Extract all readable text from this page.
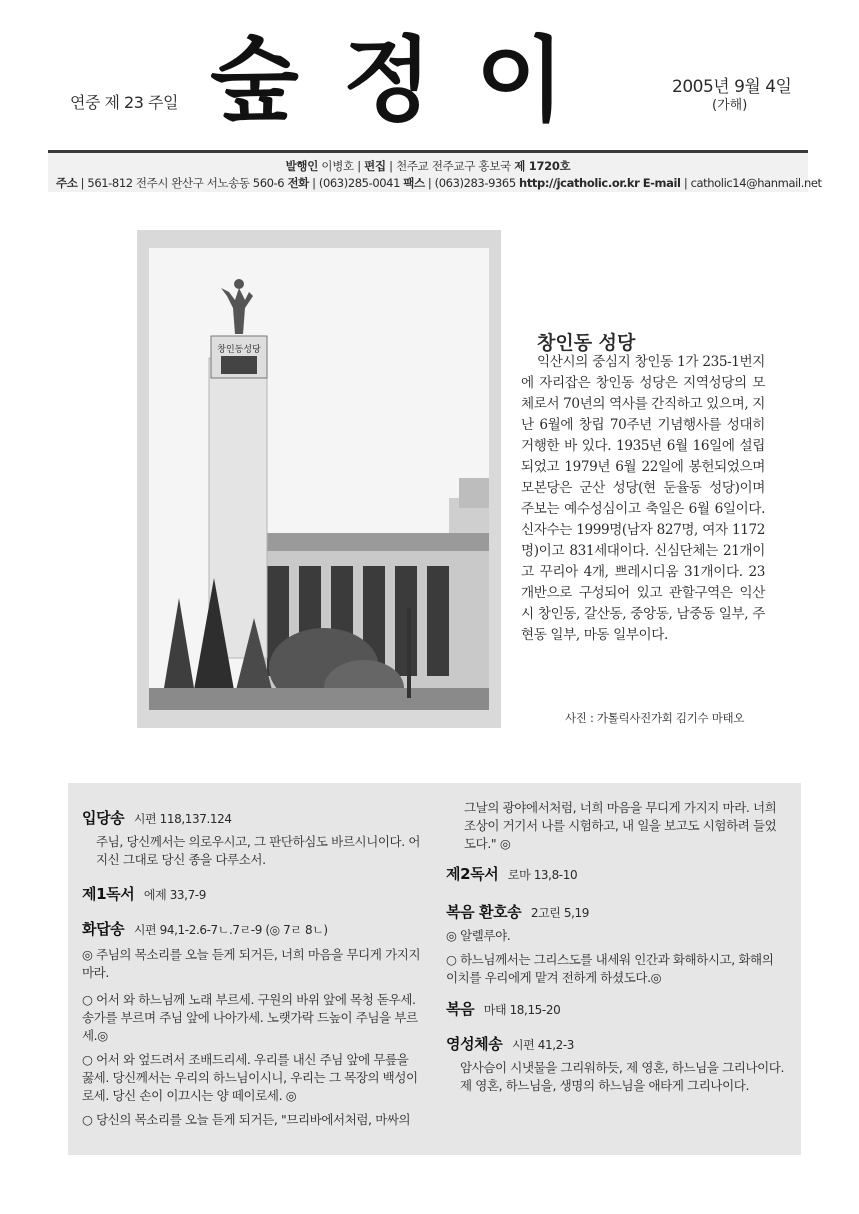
연중 제 23 주일 숲정이	2005년 9월 4일
(가해)
발행인 이병호 | 편집 | 천주교 전주교구 홍보국 제 1720호
주소 | 561-812 전주시 완산구 서노송동 560-6 전화 | (063)285-0041 팩스 | (063)283-9365 http://jcatholic.or.kr E-mail | catholic14@hanmail.net
창인동성당	창인동 성당
익산시의 중심지 창인동 1가 235-1번지에 자리잡은 창인동 성당은 지역성당의 모체로서 70년의 역사를 간직하고 있으며, 지난 6월에 창립 70주년 기념행사를 성대히 거행한 바 있다. 1935년 6월 16일에 설립되었고 1979년 6월 22일에 봉헌되었으며 모본당은 군산 성당(현 둔율동 성당)이며 주보는 예수성심이고 축일은 6월 6일이다. 신자수는 1999명(남자 827명, 여자 1172명)이고 831세대이다. 신심단체는 21개이고 꾸리아 4개, 쁘레시디움 31개이다. 23개반으로 구성되어 있고 관할구역은 익산시 창인동, 갈산동, 중앙동, 남중동 일부, 주현동 일부, 마동 일부이다.
사진 : 가톨릭사진가회 김기수 마태오
입당송 시편 118,137.124
주님, 당신께서는 의로우시고, 그 판단하심도 바르시니이다. 어지신 그대로 당신 종을 다루소서.
제1독서 에제 33,7-9
화답송 시편 94,1-2.6-7ㄴ.7ㄹ-9 (◎ 7ㄹ 8ㄴ)
◎ 주님의 목소리를 오늘 듣게 되거든, 너희 마음을 무디게 가지지 마라.
○ 어서 와 하느님께 노래 부르세. 구원의 바위 앞에 목청 돋우세. 송가를 부르며 주님 앞에 나아가세. 노랫가락 드높이 주님을 부르세.◎
○ 어서 와 엎드려서 조배드리세. 우리를 내신 주님 앞에 무릎을 꿇세. 당신께서는 우리의 하느님이시니, 우리는 그 목장의 백성이로세. 당신 손이 이끄시는 양 떼이로세. ◎
○ 당신의 목소리를 오늘 듣게 되거든, "므리바에서처럼, 마싸의
그날의 광야에서처럼, 너희 마음을 무디게 가지지 마라. 너희 조상이 거기서 나를 시험하고, 내 일을 보고도 시험하려 들었도다." ◎
제2독서 로마 13,8-10
복음 환호송 2고린 5,19
◎ 알렐루야.
○ 하느님께서는 그리스도를 내세워 인간과 화해하시고, 화해의 이치를 우리에게 맡겨 전하게 하셨도다.◎
복음 마태 18,15-20
영성체송 시편 41,2-3
암사슴이 시냇물을 그리워하듯, 제 영혼, 하느님을 그리나이다. 제 영혼, 하느님을, 생명의 하느님을 애타게 그리나이다.
